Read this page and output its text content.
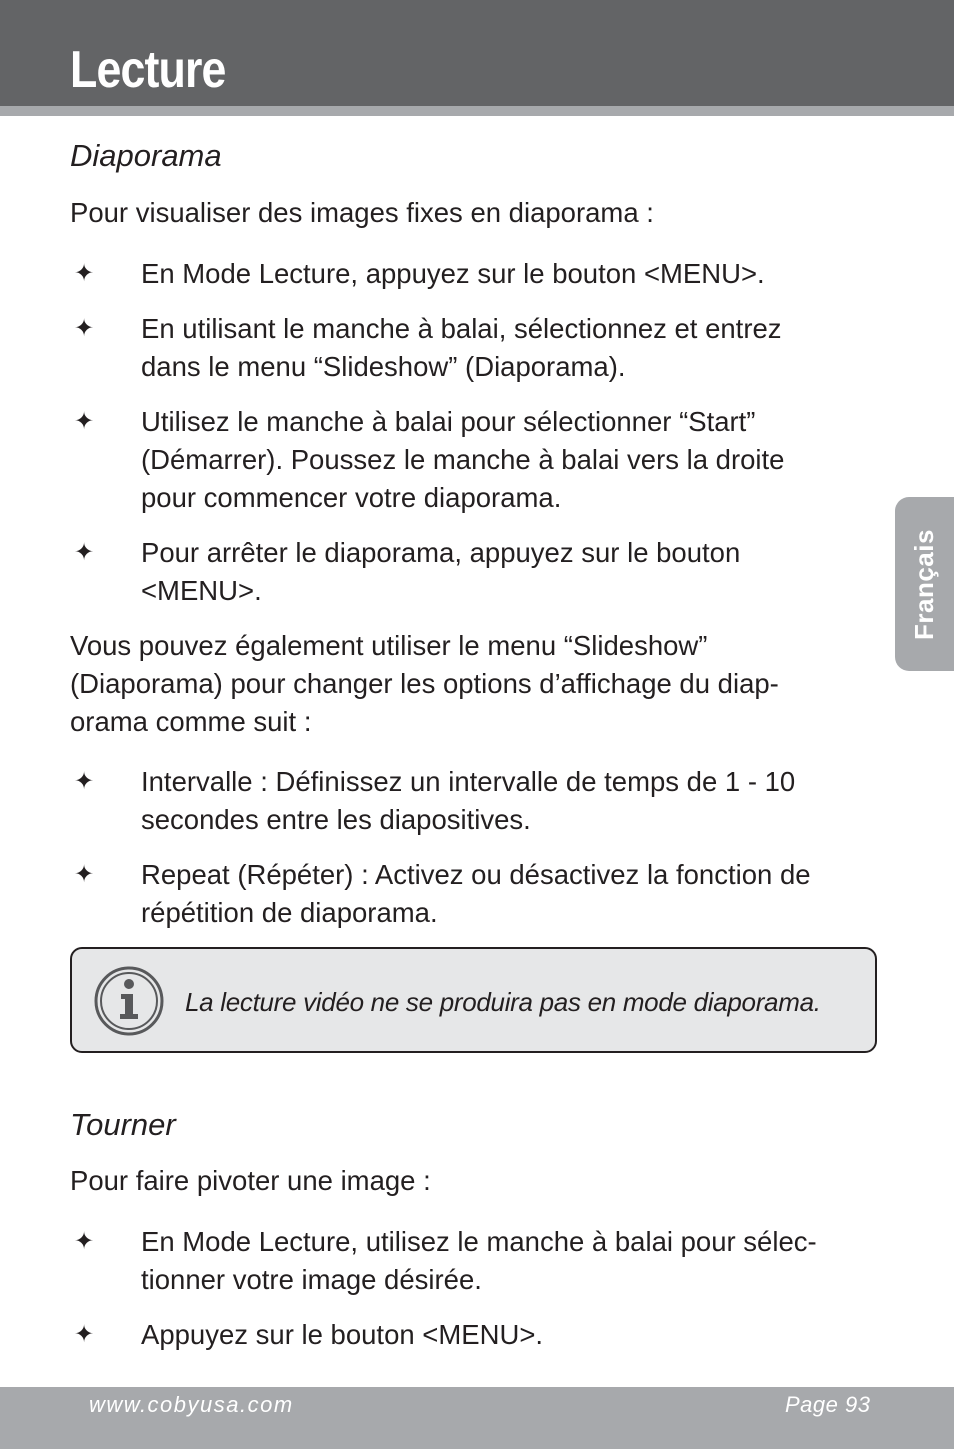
Lecture
Français
Diaporama
Pour visualiser des images fixes en diaporama :
✦ En Mode Lecture, appuyez sur le bouton <MENU>.
✦ En utilisant le manche à balai, sélectionnez et entrez
dans le menu “Slideshow” (Diaporama).
✦ Utilisez le manche à balai pour sélectionner “Start”
(Démarrer). Poussez le manche à balai vers la droite
pour commencer votre diaporama.
✦ Pour arrêter le diaporama, appuyez sur le bouton
<MENU>.
Vous pouvez également utiliser le menu “Slideshow”
(Diaporama) pour changer les options d’affichage du diap-
orama comme suit :
✦ Intervalle : Définissez un intervalle de temps de 1 - 10
secondes entre les diapositives.
✦ Repeat (Répéter) : Activez ou désactivez la fonction de
répétition de diaporama.
Tourner
Pour faire pivoter une image :
✦ En Mode Lecture, utilisez le manche à balai pour sélec-
tionner votre image désirée.
✦ Appuyez sur le bouton <MENU>.
La lecture vidéo ne se produira pas en mode diaporama.
www.cobyusa.com	Page 93
